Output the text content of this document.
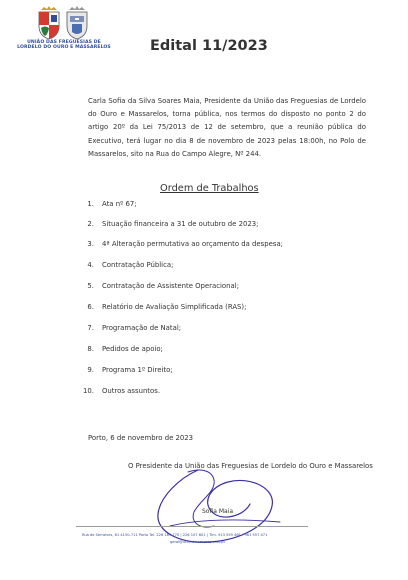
UNIÃO DAS FREGUESIAS DE
LORDELO DO OURO E MASSARELOS	Edital 11/2023
Carla Sofia da Silva Soares Maia, Presidente da União das Freguesias de Lordelo do Ouro e Massarelos, torna pública, nos termos do disposto no ponto 2 do artigo 20º da Lei 75/2013 de 12 de setembro, que a reunião pública do Executivo, terá lugar no dia 8 de novembro de 2023 pelas 18:00h, no Polo de Massarelos, sito na Rua do Campo Alegre, Nº 244.
Ordem de Trabalhos
1. Ata nº 67;
2. Situação financeira a 31 de outubro de 2023;
3. 4ª Alteração permutativa ao orçamento da despesa;
4. Contratação Pública;
5. Contratação de Assistente Operacional;
6. Relatório de Avaliação Simplificada (RAS);
7. Programação de Natal;
8. Pedidos de apoio;
9. Programa 1º Direito;
10. Outros assuntos.
Porto, 6 de novembro de 2023
O Presidente da União das Freguesias de Lordelo do Ouro e Massarelos
Sofia Maia
Rua de Serralves, 61 4150-711 Porto Tel. 226 189 770 | 226 107 601 | Tlm. 913 559 461 - 961 557 471
geral@uf-lordelomassarelos.pt
